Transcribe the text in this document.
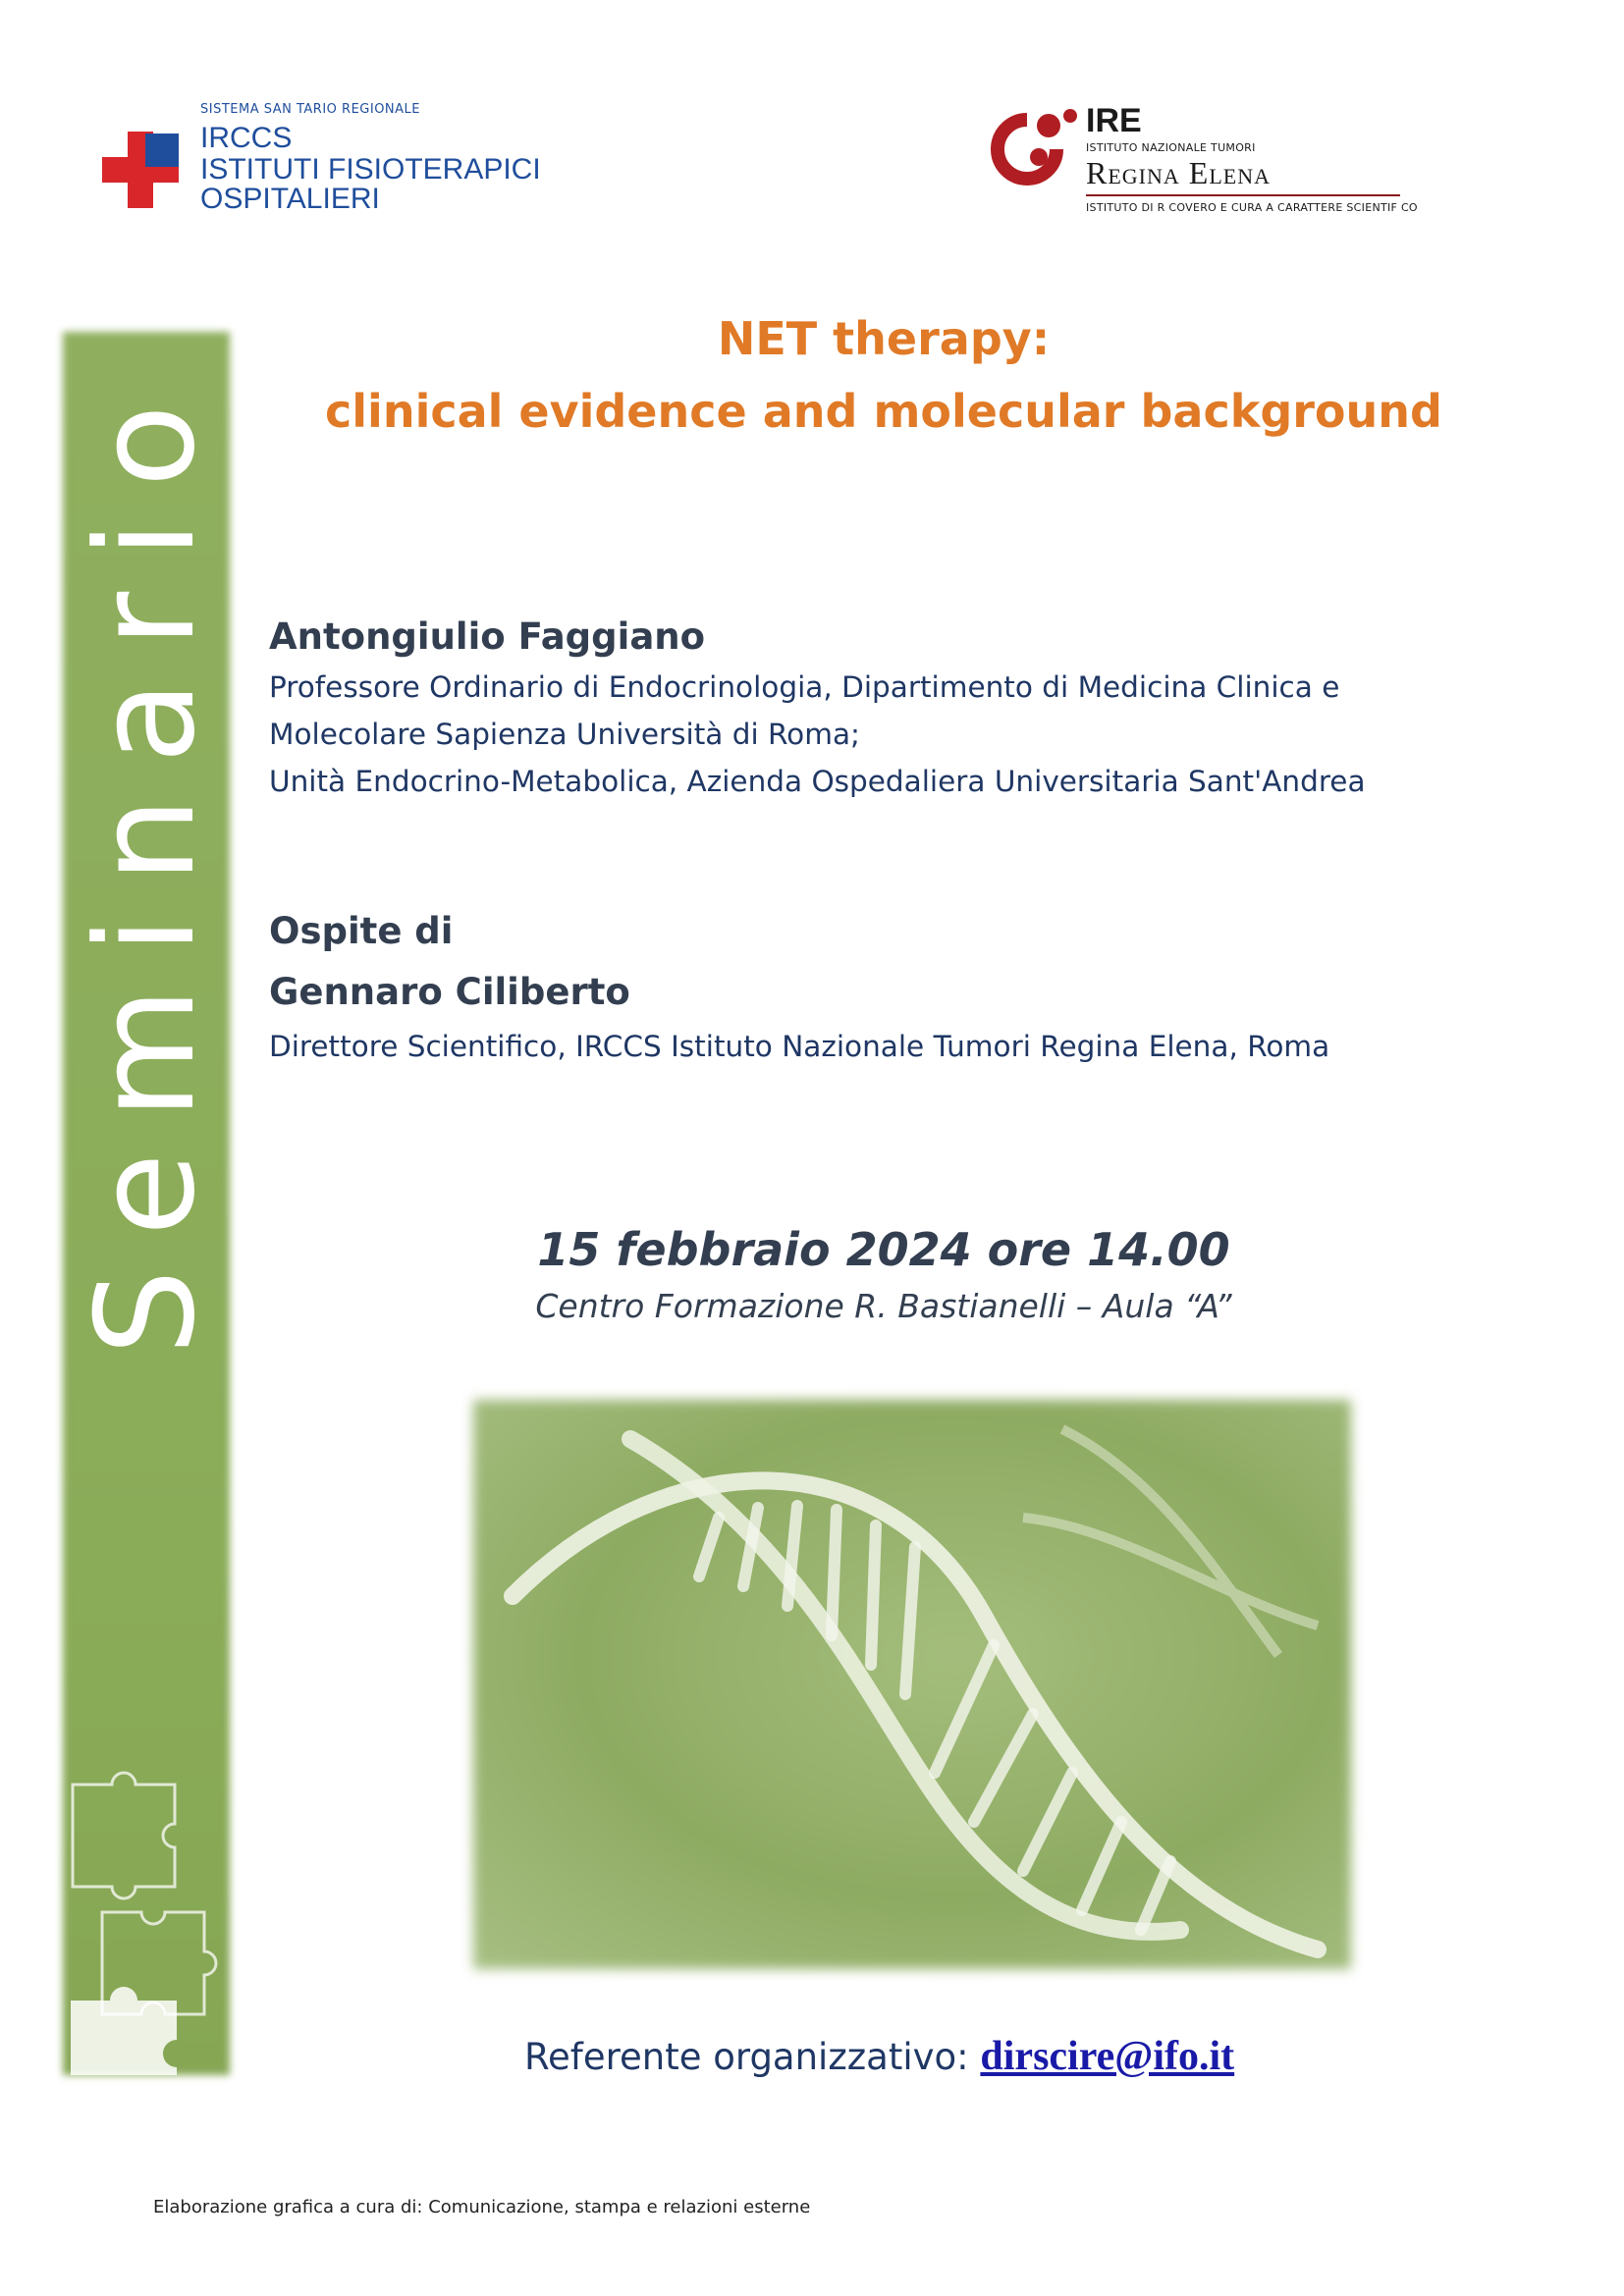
SISTEMA SAN TARIO REGIONALE
IRCCS
ISTITUTI FISIOTERAPICI
OSPITALIERI
IRE
ISTITUTO NAZIONALE TUMORI
Regina Elena
ISTITUTO DI R COVERO E CURA A CARATTERE SCIENTIF CO
Seminario
NET therapy:
clinical evidence and molecular background
Antongiulio Faggiano
Professore Ordinario di Endocrinologia, Dipartimento di Medicina Clinica e
Molecolare Sapienza Università di Roma;
Unità Endocrino-Metabolica, Azienda Ospedaliera Universitaria Sant'Andrea
Ospite di
Gennaro Ciliberto
Direttore Scientifico, IRCCS Istituto Nazionale Tumori Regina Elena, Roma
15 febbraio 2024 ore 14.00
Centro Formazione R. Bastianelli – Aula “A”
Referente organizzativo: dirscire@ifo.it
Elaborazione grafica a cura di: Comunicazione, stampa e relazioni esterne
